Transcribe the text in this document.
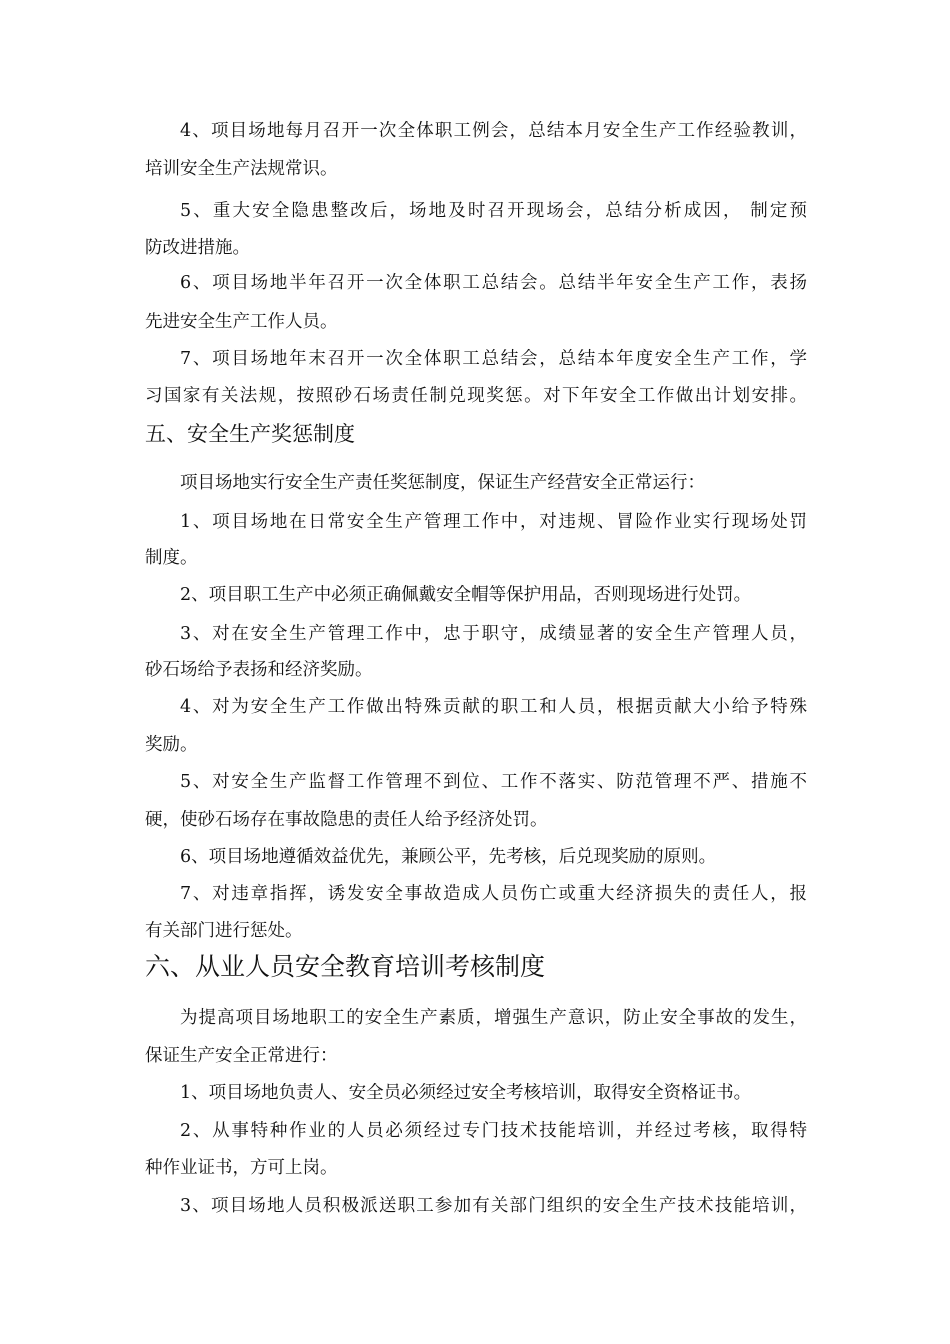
4、项目场地每月召开一次全体职工例会，总结本月安全生产工作经验教训，
培训安全生产法规常识。
5、重大安全隐患整改后，场地及时召开现场会，总结分析成因， 制定预
防改进措施。
6、项目场地半年召开一次全体职工总结会。总结半年安全生产工作，表扬
先进安全生产工作人员。
7、项目场地年末召开一次全体职工总结会，总结本年度安全生产工作，学
习国家有关法规，按照砂石场责任制兑现奖惩。对下年安全工作做出计划安排。
五、安全生产奖惩制度
项目场地实行安全生产责任奖惩制度，保证生产经营安全正常运行：
1、项目场地在日常安全生产管理工作中，对违规、冒险作业实行现场处罚
制度。
2、项目职工生产中必须正确佩戴安全帽等保护用品，否则现场进行处罚。
3、对在安全生产管理工作中，忠于职守，成绩显著的安全生产管理人员，
砂石场给予表扬和经济奖励。
4、对为安全生产工作做出特殊贡献的职工和人员，根据贡献大小给予特殊
奖励。
5、对安全生产监督工作管理不到位、工作不落实、防范管理不严、措施不
硬，使砂石场存在事故隐患的责任人给予经济处罚。
6、项目场地遵循效益优先，兼顾公平，先考核，后兑现奖励的原则。
7、对违章指挥，诱发安全事故造成人员伤亡或重大经济损失的责任人，报
有关部门进行惩处。
六、从业人员安全教育培训考核制度
为提高项目场地职工的安全生产素质，增强生产意识，防止安全事故的发生，
保证生产安全正常进行：
1、项目场地负责人、安全员必须经过安全考核培训，取得安全资格证书。
2、从事特种作业的人员必须经过专门技术技能培训，并经过考核，取得特
种作业证书，方可上岗。
3、项目场地人员积极派送职工参加有关部门组织的安全生产技术技能培训，
